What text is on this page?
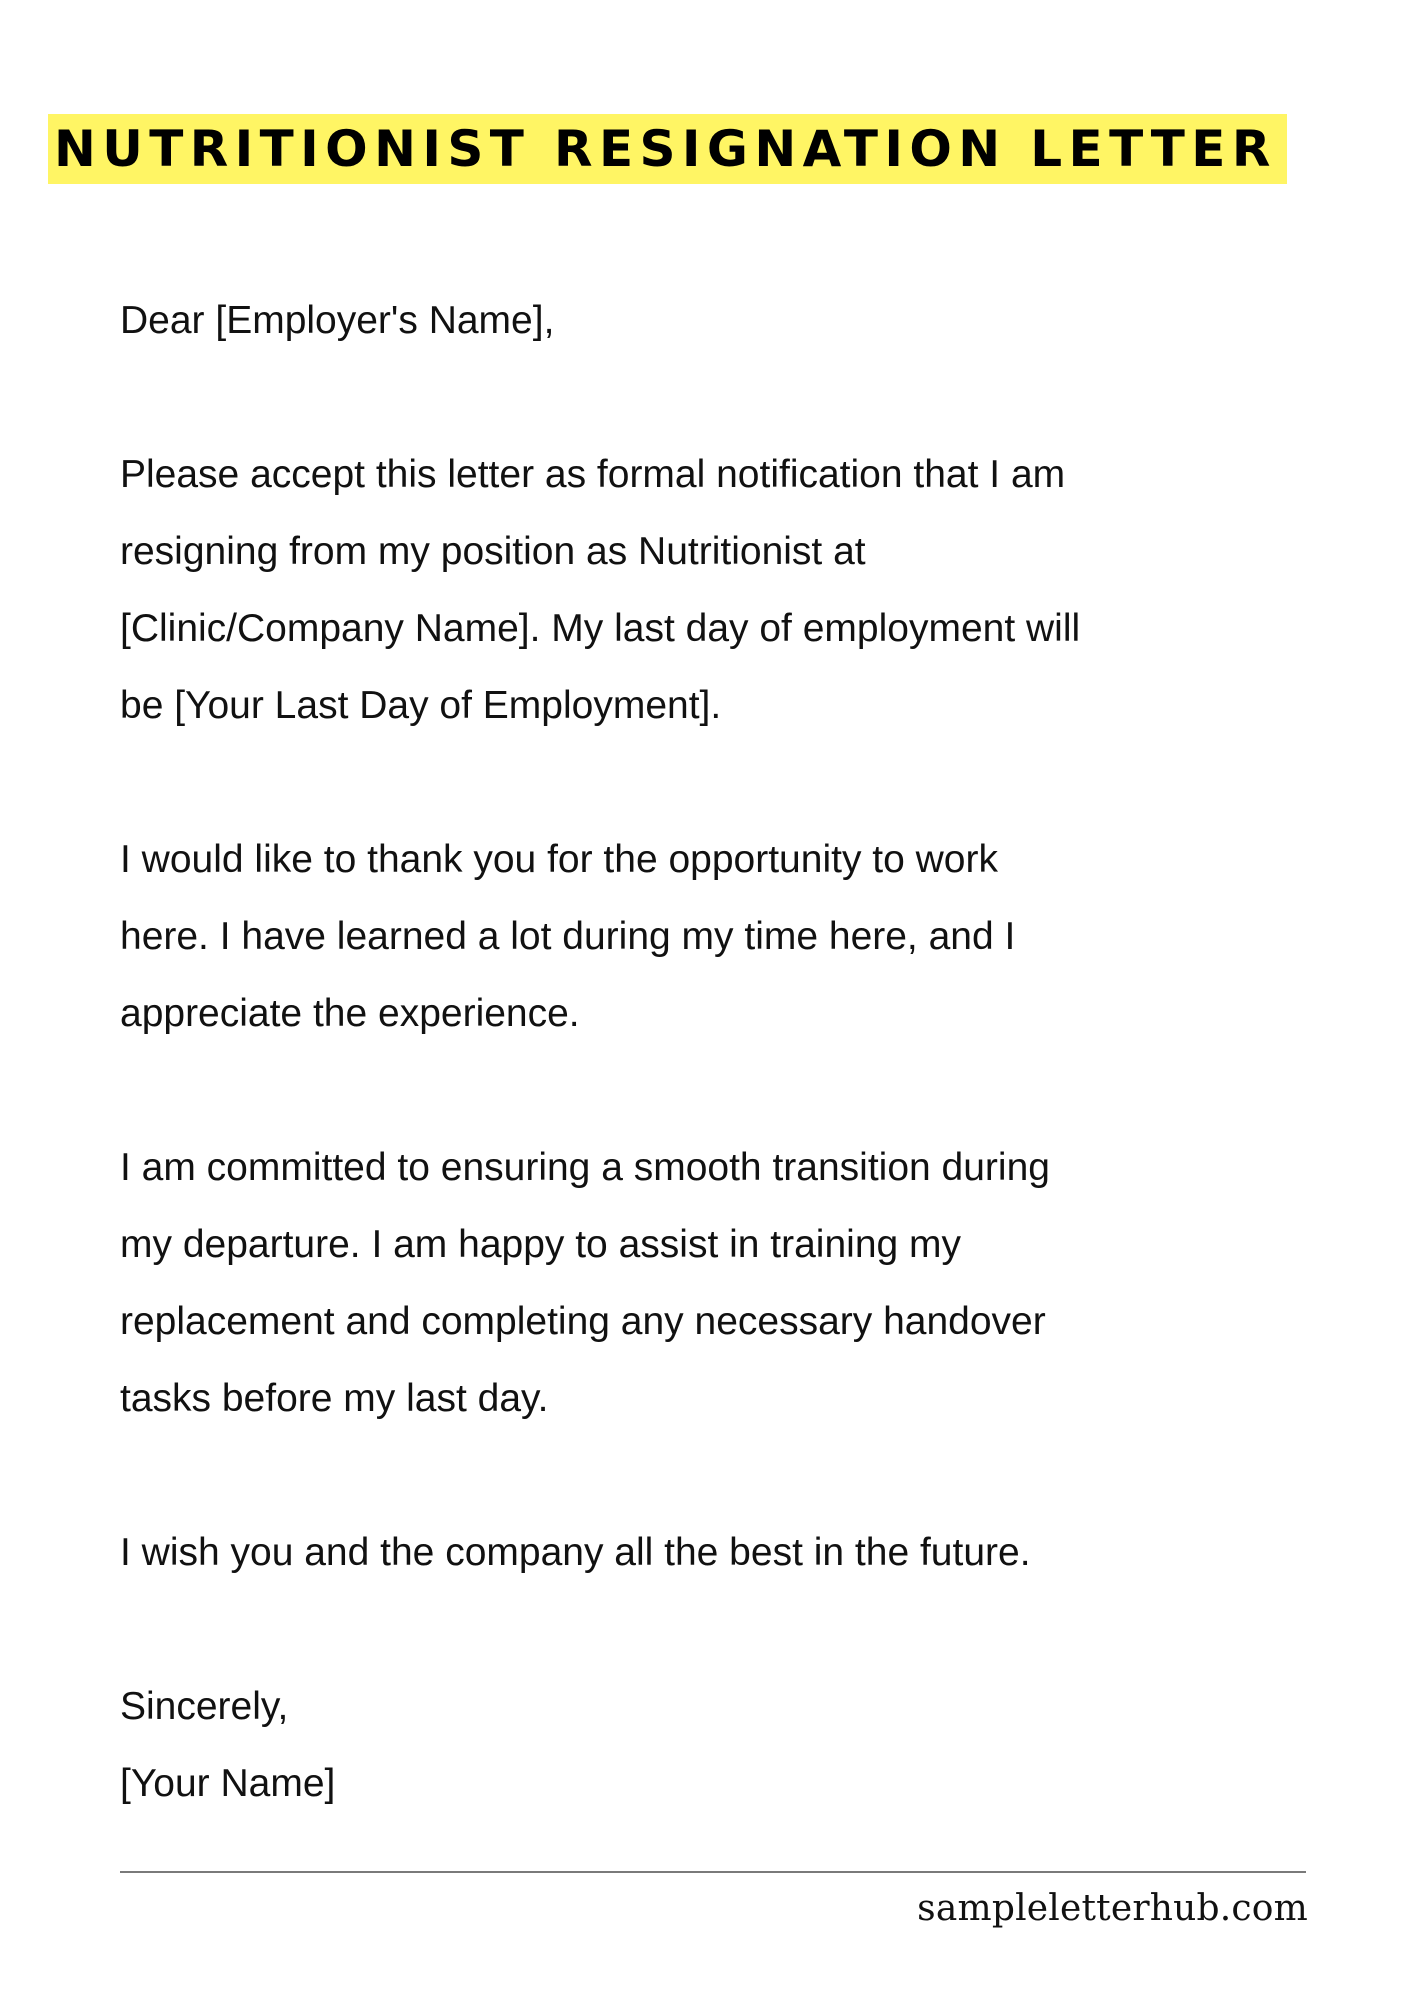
NUTRITIONIST RESIGNATION LETTER

Dear [Employer's Name],

Please accept this letter as formal notification that I am
resigning from my position as Nutritionist at
[Clinic/Company Name]. My last day of employment will
be [Your Last Day of Employment].

I would like to thank you for the opportunity to work
here. I have learned a lot during my time here, and I
appreciate the experience.

I am committed to ensuring a smooth transition during
my departure. I am happy to assist in training my
replacement and completing any necessary handover
tasks before my last day.

I wish you and the company all the best in the future.

Sincerely,

[Your Name]

sampleletterhub.com
